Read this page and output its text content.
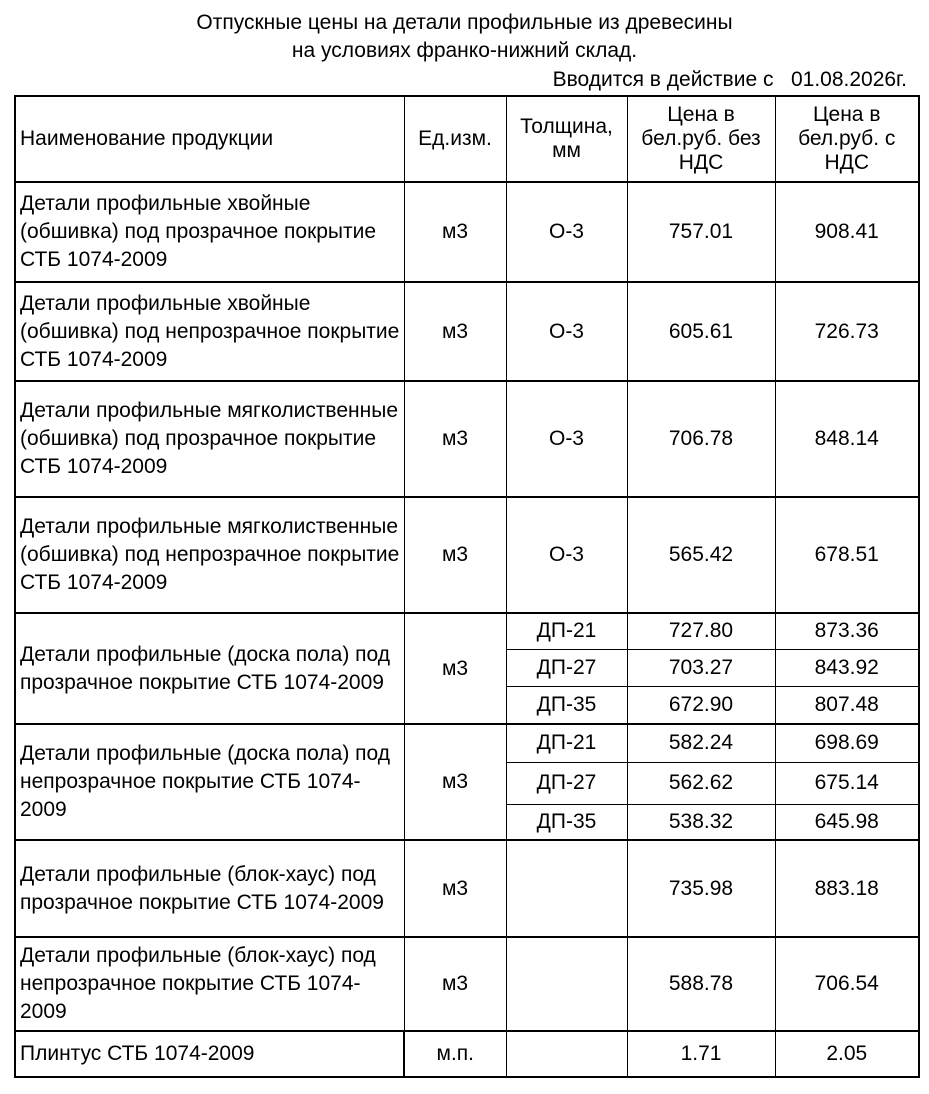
Отпускные цены на детали профильные из древесины
на условиях франко-нижний склад.
Вводится в действие с   01.08.2026г.
Наименование продукции	Ед.изм.	Толщина, мм	Цена в бел.руб. без НДС	Цена в бел.руб. с НДС
Детали профильные хвойные (обшивка) под прозрачное покрытие СТБ 1074-2009	м3	О-3	757.01	908.41
Детали профильные хвойные (обшивка) под непрозрачное покрытие СТБ 1074-2009	м3	О-3	605.61	726.73
Детали профильные мягколиственные (обшивка) под прозрачное покрытие СТБ 1074-2009	м3	О-3	706.78	848.14
Детали профильные мягколиственные (обшивка) под непрозрачное покрытие СТБ 1074-2009	м3	О-3	565.42	678.51
Детали профильные (доска пола) под прозрачное покрытие СТБ 1074-2009	м3	ДП-21	727.80	873.36
		ДП-27	703.27	843.92
		ДП-35	672.90	807.48
Детали профильные (доска пола) под непрозрачное покрытие СТБ 1074-2009	м3	ДП-21	582.24	698.69
		ДП-27	562.62	675.14
		ДП-35	538.32	645.98
Детали профильные (блок-хаус) под прозрачное покрытие СТБ 1074-2009	м3		735.98	883.18
Детали профильные (блок-хаус) под непрозрачное покрытие СТБ 1074-2009	м3		588.78	706.54
Плинтус СТБ 1074-2009	м.п.		1.71	2.05
